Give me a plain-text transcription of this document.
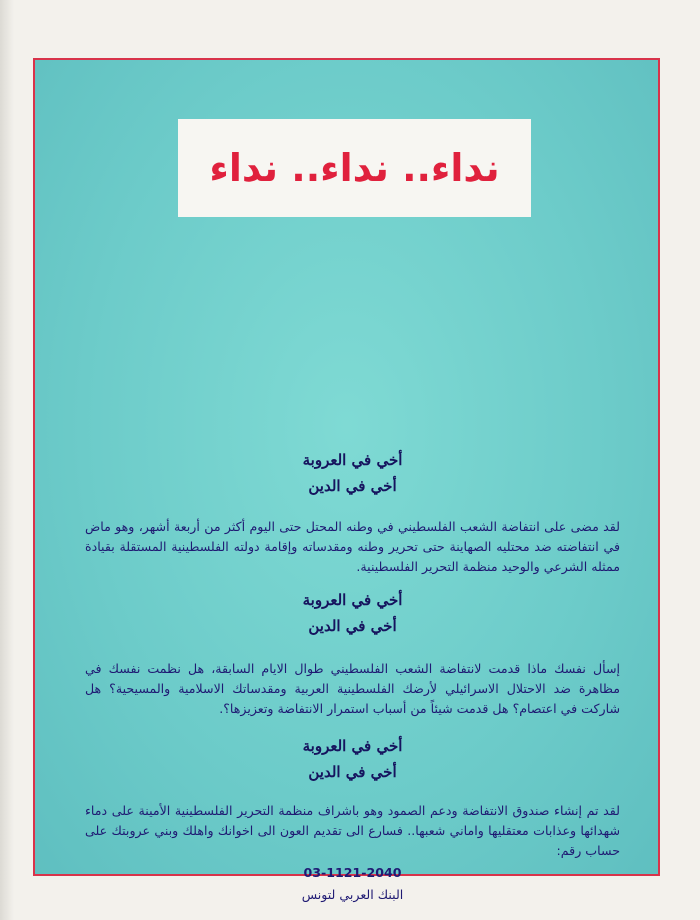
نداء.. نداء.. نداء
أخي في العروبة
أخي في الدين

لقد مضى على انتفاضة الشعب الفلسطيني في وطنه المحتل حتى اليوم أكثر من أربعة أشهر، وهو ماض في انتفاضته ضد محتليه الصهاينة حتى تحرير وطنه ومقدساته وإقامة دولته الفلسطينية المستقلة بقيادة ممثله الشرعي والوحيد منظمة التحرير الفلسطينية.

أخي في العروبة
أخي في الدين

إسأل نفسك ماذا قدمت لانتفاضة الشعب الفلسطيني طوال الايام السابقة، هل نظمت نفسك في مظاهرة ضد الاحتلال الاسرائيلي لأرضك الفلسطينية العربية ومقدساتك الاسلامية والمسيحية؟ هل شاركت في اعتصام؟ هل قدمت شيئاً من أسباب استمرار الانتفاضة وتعزيزها؟.

أخي في العروبة
أخي في الدين

لقد تم إنشاء صندوق الانتفاضة ودعم الصمود وهو باشراف منظمة التحرير الفلسطينية الأمينة على دماء شهدائها وعذابات معتقليها واماني شعبها.. فسارع الى تقديم العون الى اخوانك واهلك وبني عروبتك على حساب رقم:

03-1121-2040
البنك العربي لتونس
